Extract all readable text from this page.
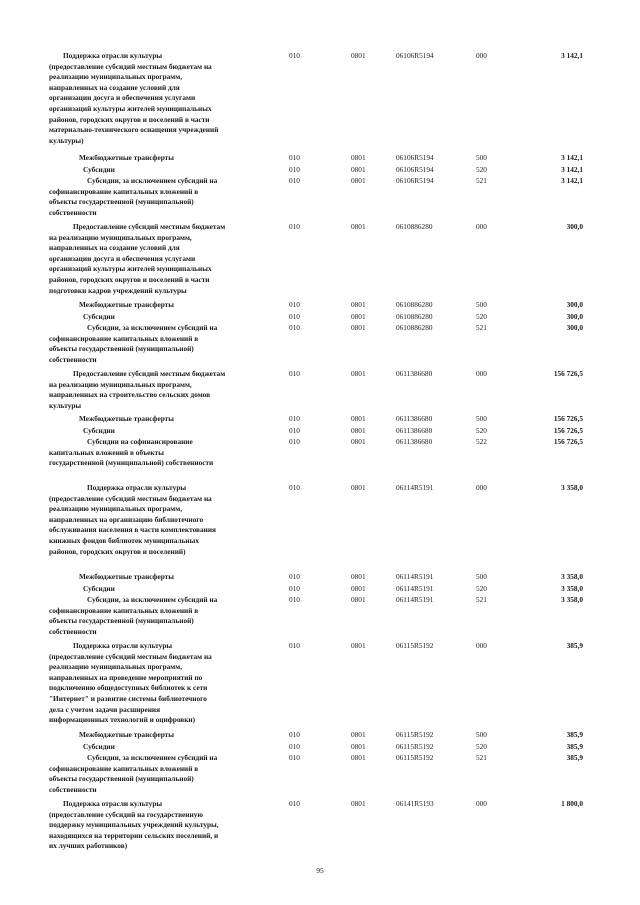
Поддержка отрасли культуры
(предоставление субсидий местным бюджетам на
реализацию муниципальных программ,
направленных на создание условий для
организации досуга и обеспечения услугами
организаций культуры жителей муниципальных
районов, городских округов и поселений в части
материально-технического оснащения учреждений
культуры)
010	0801	06106R5194	000	3 142,1
Межбюджетные трансферты	010	0801	06106R5194	500	3 142,1
Субсидии	010	0801	06106R5194	520	3 142,1
Субсидии, за исключением субсидий на
софинансирование капитальных вложений в
объекты государственной (муниципальной)
собственности
010	0801	06106R5194	521	3 142,1
Предоставление субсидий местным бюджетам
на реализацию муниципальных программ,
направленных на создание условий для
организации досуга и обеспечения услугами
организаций культуры жителей муниципальных
районов, городских округов и поселений в части
подготовки кадров учреждений культуры
010	0801	0610886280	000	300,0
Межбюджетные трансферты	010	0801	0610886280	500	300,0
Субсидии	010	0801	0610886280	520	300,0
Субсидии, за исключением субсидий на
софинансирование капитальных вложений в
объекты государственной (муниципальной)
собственности
010	0801	0610886280	521	300,0
Предоставление субсидий местным бюджетам
на реализацию муниципальных программ,
направленных на строительство сельских домов
культуры
010	0801	0611386680	000	156 726,5
Межбюджетные трансферты	010	0801	0611386680	500	156 726,5
Субсидии	010	0801	0611386680	520	156 726,5
Субсидии на софинансирование
капитальных вложений в объекты
государственной (муниципальной) собственности
010	0801	0611386680	522	156 726,5
Поддержка отрасли культуры
(предоставление субсидий местным бюджетам на
реализацию муниципальных программ,
направленных на организацию библиотечного
обслуживания населения в части комплектования
книжных фондов библиотек муниципальных
районов, городских округов и поселений)
010	0801	06114R5191	000	3 358,0
Межбюджетные трансферты	010	0801	06114R5191	500	3 358,0
Субсидии	010	0801	06114R5191	520	3 358,0
Субсидии, за исключением субсидий на
софинансирование капитальных вложений в
объекты государственной (муниципальной)
собственности
010	0801	06114R5191	521	3 358,0
Поддержка отрасли культуры
(предоставление субсидий местным бюджетам на
реализацию муниципальных программ,
направленных на проведение мероприятий по
подключению общедоступных библиотек к сети
"Интернет" и развитие системы библиотечного
дела с учетом задачи расширения
информационных технологий и оцифровки)
010	0801	06115R5192	000	385,9
Межбюджетные трансферты	010	0801	06115R5192	500	385,9
Субсидии	010	0801	06115R5192	520	385,9
Субсидии, за исключением субсидий на
софинансирование капитальных вложений в
объекты государственной (муниципальной)
собственности
010	0801	06115R5192	521	385,9
Поддержка отрасли культуры
(предоставление субсидий на государственную
поддержку муниципальных учреждений культуры,
находящихся на территории сельских поселений, и
их лучших работников)
010	0801	06141R5193	000	1 800,0
95
